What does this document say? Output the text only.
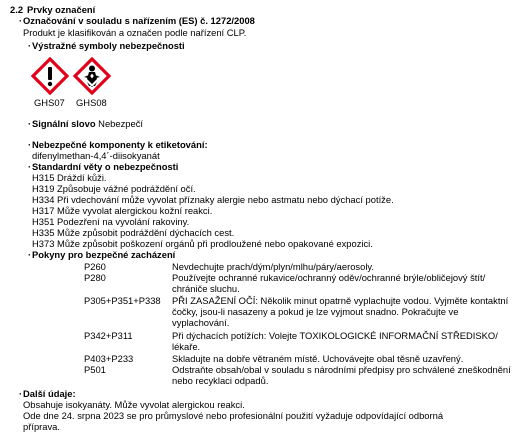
2.2 Prvky označení
· Označování v souladu s nařízením (ES) č. 1272/2008
Produkt je klasifikován a označen podle nařízení CLP.
· Výstražné symboly nebezpečnosti
GHS07 GHS08
· Signální slovo Nebezpečí
· Nebezpečné komponenty k etiketování:
difenylmethan-4,4´-diisokyanát
· Standardní věty o nebezpečnosti
H315 Dráždí kůži.
H319 Způsobuje vážné podráždění očí.
H334 Při vdechování může vyvolat příznaky alergie nebo astmatu nebo dýchací potíže.
H317 Může vyvolat alergickou kožní reakci.
H351 Podezření na vyvolání rakoviny.
H335 Může způsobit podráždění dýchacích cest.
H373 Může způsobit poškození orgánů při prodloužené nebo opakované expozici.
· Pokyny pro bezpečné zacházení
P260	Nevdechujte prach/dým/plyn/mlhu/páry/aerosoly.
P280	Používejte ochranné rukavice/ochranný oděv/ochranné brýle/obličejový štít/
chrániče sluchu.
P305+P351+P338 PŘI ZASAŽENÍ OČÍ: Několik minut opatrně vyplachujte vodou. Vyjměte kontaktní
čočky, jsou-li nasazeny a pokud je lze vyjmout snadno. Pokračujte ve
vyplachování.
P342+P311	Při dýchacích potížích: Volejte TOXIKOLOGICKÉ INFORMAČNÍ STŘEDISKO/
lékaře.
P403+P233	Skladujte na dobře větraném místě. Uchovávejte obal těsně uzavřený.
P501	Odstraňte obsah/obal v souladu s národními předpisy pro schválené zneškodnění
nebo recyklaci odpadů.
· Další údaje:
Obsahuje isokyanáty. Může vyvolat alergickou reakci.
Ode dne 24. srpna 2023 se pro průmyslové nebo profesionální použití vyžaduje odpovídající odborná
příprava.
